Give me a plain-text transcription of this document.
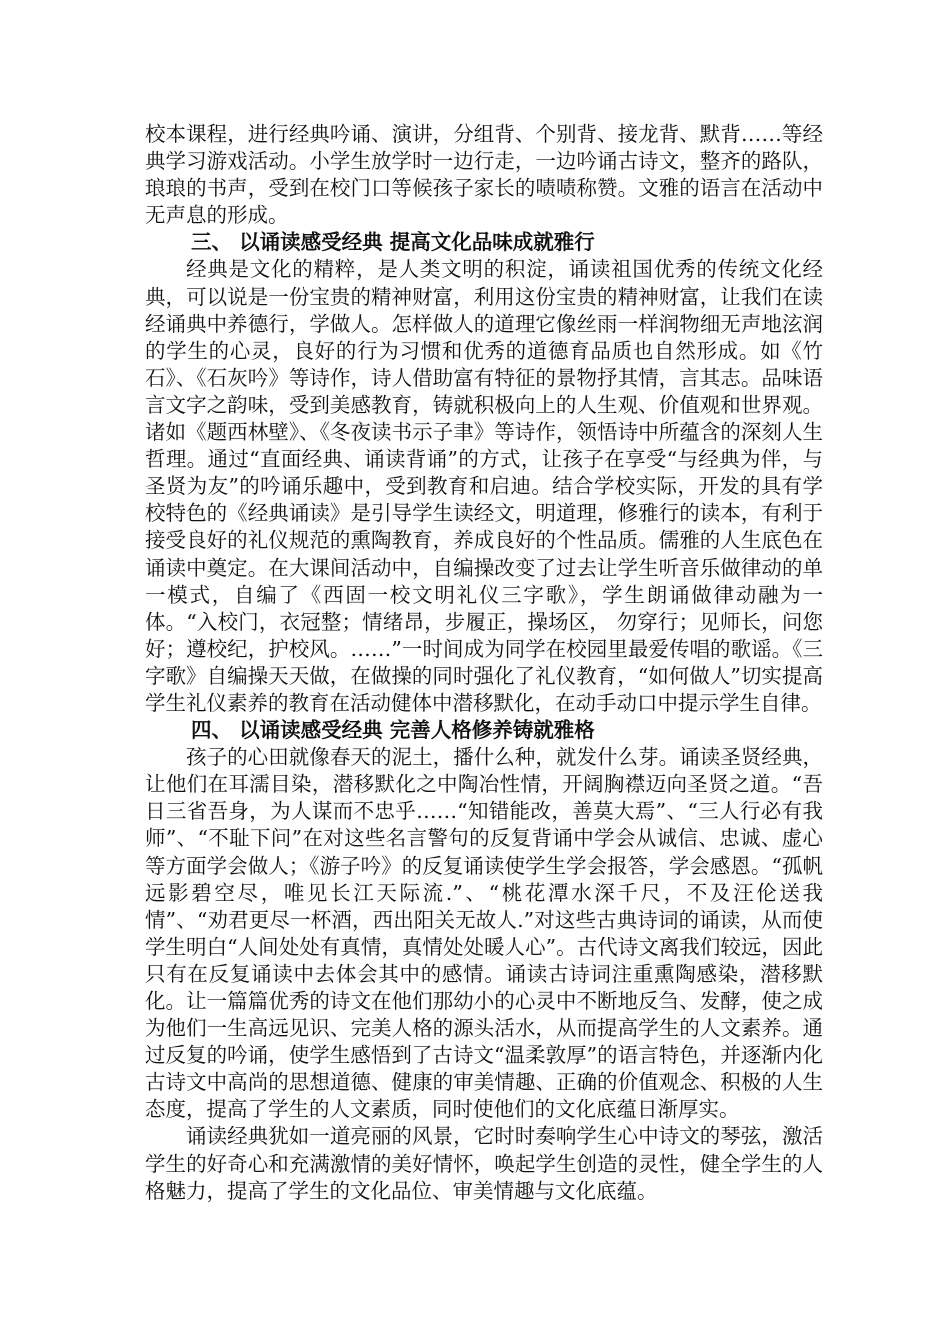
校本课程，进行经典吟诵、演讲，分组背、个别背、接龙背、默背……等经典学习游戏活动。小学生放学时一边行走，一边吟诵古诗文，整齐的路队，琅琅的书声，受到在校门口等候孩子家长的啧啧称赞。文雅的语言在活动中无声息的形成。

三、 以诵读感受经典 提高文化品味成就雅行

经典是文化的精粹，是人类文明的积淀，诵读祖国优秀的传统文化经典，可以说是一份宝贵的精神财富，利用这份宝贵的精神财富，让我们在读经诵典中养德行，学做人。怎样做人的道理它像丝雨一样润物细无声地泫润的学生的心灵，良好的行为习惯和优秀的道德育品质也自然形成。如《竹石》、《石灰吟》等诗作，诗人借助富有特征的景物抒其情，言其志。品味语言文字之韵味，受到美感教育，铸就积极向上的人生观、价值观和世界观。诸如《题西林壁》、《冬夜读书示子聿》等诗作，领悟诗中所蕴含的深刻人生哲理。通过“直面经典、诵读背诵”的方式，让孩子在享受“与经典为伴，与圣贤为友”的吟诵乐趣中，受到教育和启迪。结合学校实际，开发的具有学校特色的《经典诵读》是引导学生读经文，明道理，修雅行的读本，有利于接受良好的礼仪规范的熏陶教育，养成良好的个性品质。儒雅的人生底色在诵读中奠定。在大课间活动中，自编操改变了过去让学生听音乐做律动的单一模式，自编了《西固一校文明礼仪三字歌》，学生朗诵做律动融为一体。“入校门，衣冠整；情绪昂，步履正，操场区， 勿穿行；见师长，问您好；遵校纪，护校风。……”一时间成为同学在校园里最爱传唱的歌谣。《三字歌》自编操天天做，在做操的同时强化了礼仪教育，“如何做人”切实提高学生礼仪素养的教育在活动健体中潜移默化，在动手动口中提示学生自律。

四、 以诵读感受经典 完善人格修养铸就雅格

孩子的心田就像春天的泥土，播什么种，就发什么芽。诵读圣贤经典，让他们在耳濡目染，潜移默化之中陶冶性情，开阔胸襟迈向圣贤之道。“吾日三省吾身，为人谋而不忠乎……“知错能改，善莫大焉”、“三人行必有我师”、“不耻下问”在对这些名言警句的反复背诵中学会从诚信、忠诚、虚心等方面学会做人；《游子吟》的反复诵读使学生学会报答，学会感恩。“孤帆远影碧空尽，唯见长江天际流.”、“桃花潭水深千尺，不及汪伦送我情”、“劝君更尽一杯酒，西出阳关无故人.”对这些古典诗词的诵读，从而使学生明白“人间处处有真情，真情处处暖人心”。古代诗文离我们较远，因此只有在反复诵读中去体会其中的感情。诵读古诗词注重熏陶感染，潜移默化。让一篇篇优秀的诗文在他们那幼小的心灵中不断地反刍、发酵，使之成为他们一生高远见识、完美人格的源头活水，从而提高学生的人文素养。通过反复的吟诵，使学生感悟到了古诗文“温柔敦厚”的语言特色，并逐渐内化古诗文中高尚的思想道德、健康的审美情趣、正确的价值观念、积极的人生态度，提高了学生的人文素质，同时使他们的文化底蕴日渐厚实。

诵读经典犹如一道亮丽的风景，它时时奏响学生心中诗文的琴弦，激活学生的好奇心和充满激情的美好情怀，唤起学生创造的灵性，健全学生的人格魅力，提高了学生的文化品位、审美情趣与文化底蕴。
